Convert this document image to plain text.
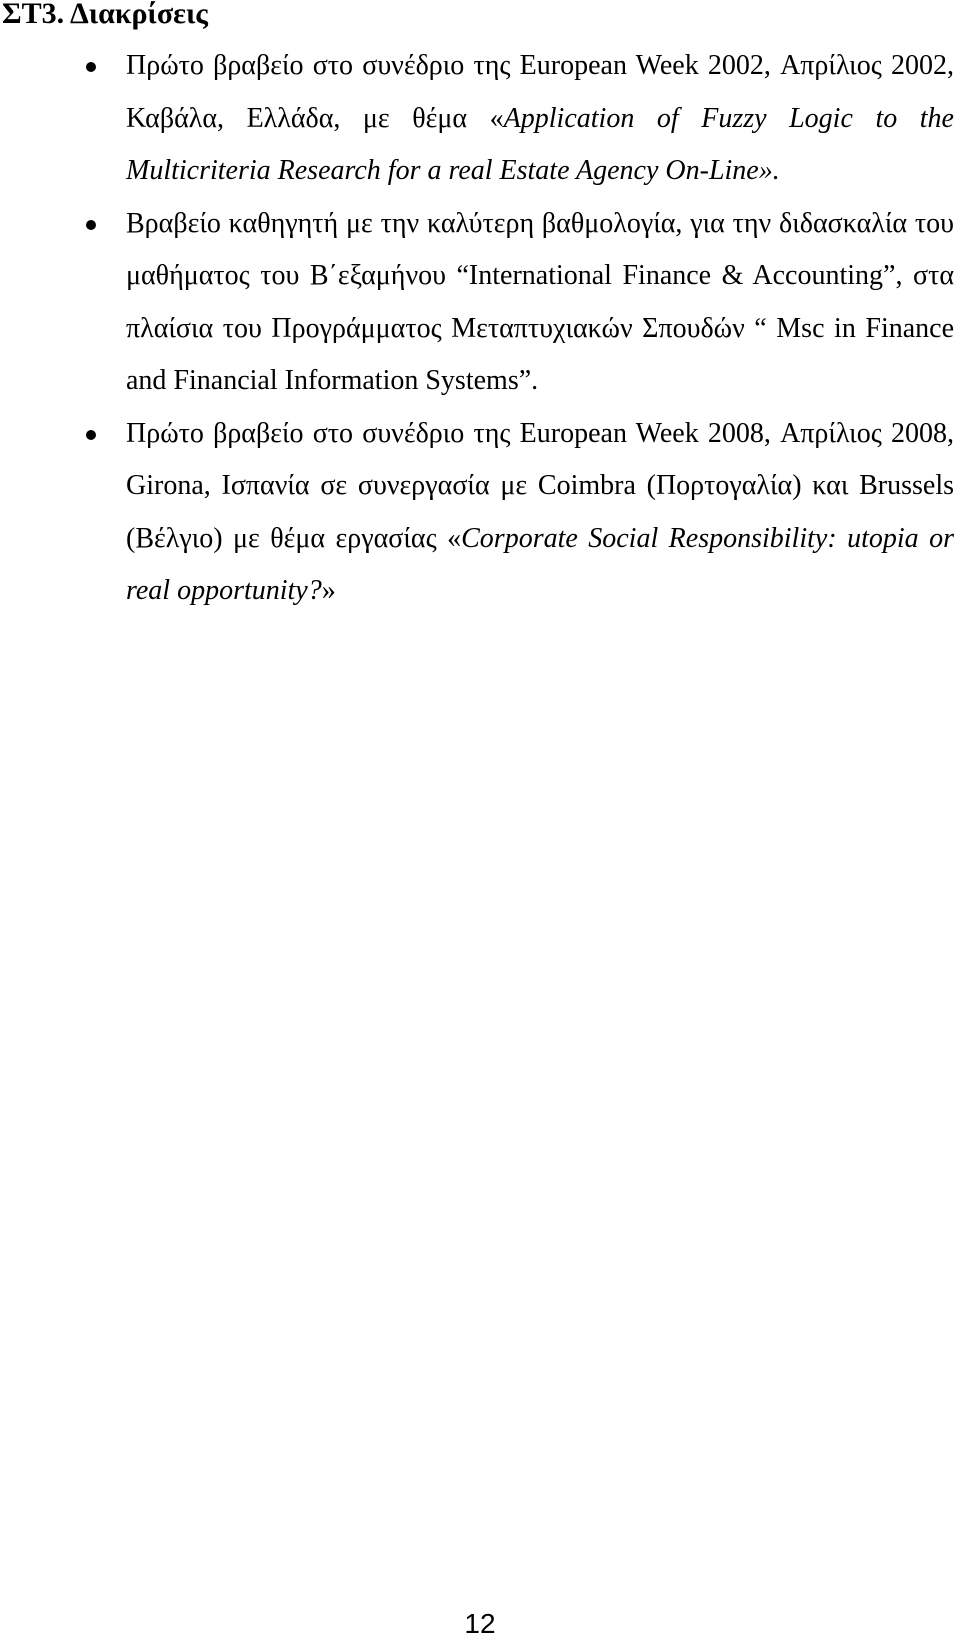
ΣΤ3. Διακρίσεις
Πρώτο βραβείο στο συνέδριο της European Week 2002, Απρίλιος 2002, Καβάλα, Ελλάδα, με θέμα «Application of Fuzzy Logic to the Multicriteria Research for a real Estate Agency On-Line».
Βραβείο καθηγητή με την καλύτερη βαθμολογία, για την διδασκαλία του μαθήματος του Β΄εξαμήνου “International Finance & Accounting”, στα πλαίσια του Προγράμματος Μεταπτυχιακών Σπουδών “ Msc in Finance and Financial Information Systems”.
Πρώτο βραβείο στο συνέδριο της European Week 2008, Απρίλιος 2008, Girona, Ισπανία σε συνεργασία με Coimbra (Πορτογαλία) και Brussels (Βέλγιο) με θέμα εργασίας «Corporate Social Responsibility: utopia or real opportunity?»
12
